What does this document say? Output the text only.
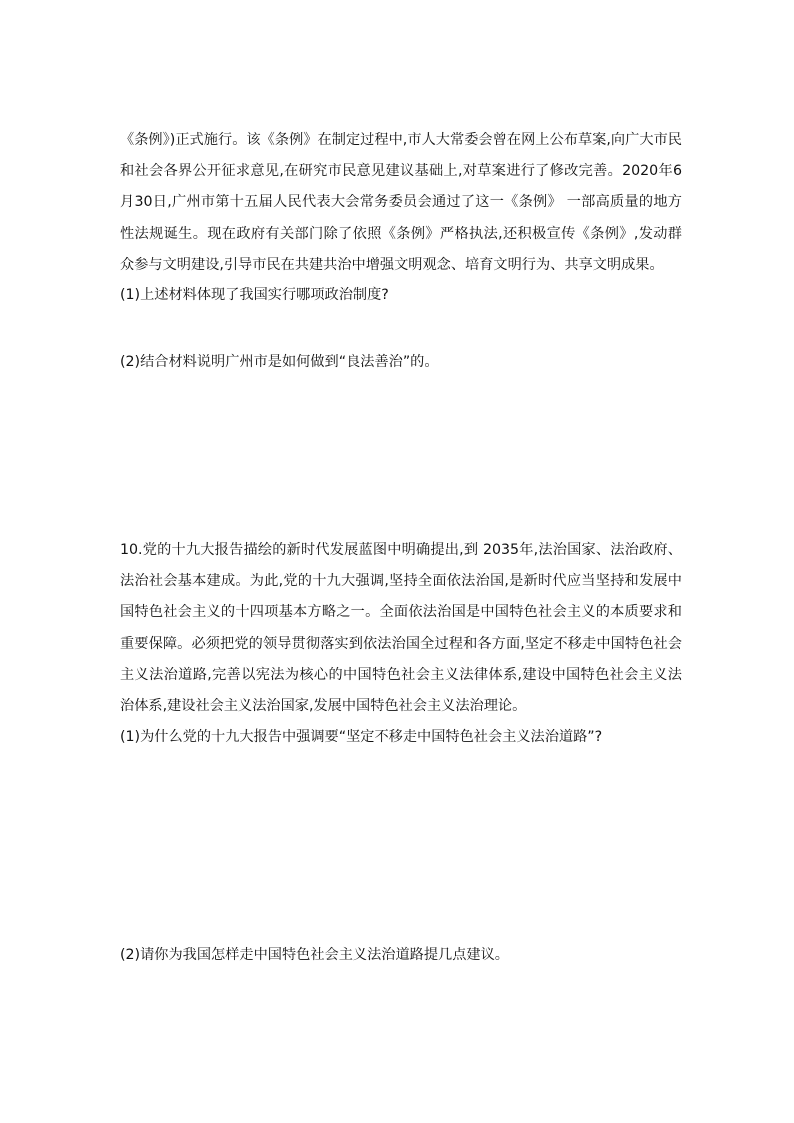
《条例》)正式施行。该《条例》在制定过程中,市人大常委会曾在网上公布草案,向广大市民和社会各界公开征求意见,在研究市民意见建议基础上,对草案进行了修改完善。2020年6月30日,广州市第十五届人民代表大会常务委员会通过了这一《条例》 一部高质量的地方性法规诞生。现在政府有关部门除了依照《条例》严格执法,还积极宣传《条例》,发动群众参与文明建设,引导市民在共建共治中增强文明观念、培育文明行为、共享文明成果。

(1)上述材料体现了我国实行哪项政治制度?

(2)结合材料说明广州市是如何做到“良法善治”的。

10.党的十九大报告描绘的新时代发展蓝图中明确提出,到 2035年,法治国家、法治政府、法治社会基本建成。为此,党的十九大强调,坚持全面依法治国,是新时代应当坚持和发展中国特色社会主义的十四项基本方略之一。全面依法治国是中国特色社会主义的本质要求和重要保障。必须把党的领导贯彻落实到依法治国全过程和各方面,坚定不移走中国特色社会主义法治道路,完善以宪法为核心的中国特色社会主义法律体系,建设中国特色社会主义法治体系,建设社会主义法治国家,发展中国特色社会主义法治理论。

(1)为什么党的十九大报告中强调要“坚定不移走中国特色社会主义法治道路”?

(2)请你为我国怎样走中国特色社会主义法治道路提几点建议。
